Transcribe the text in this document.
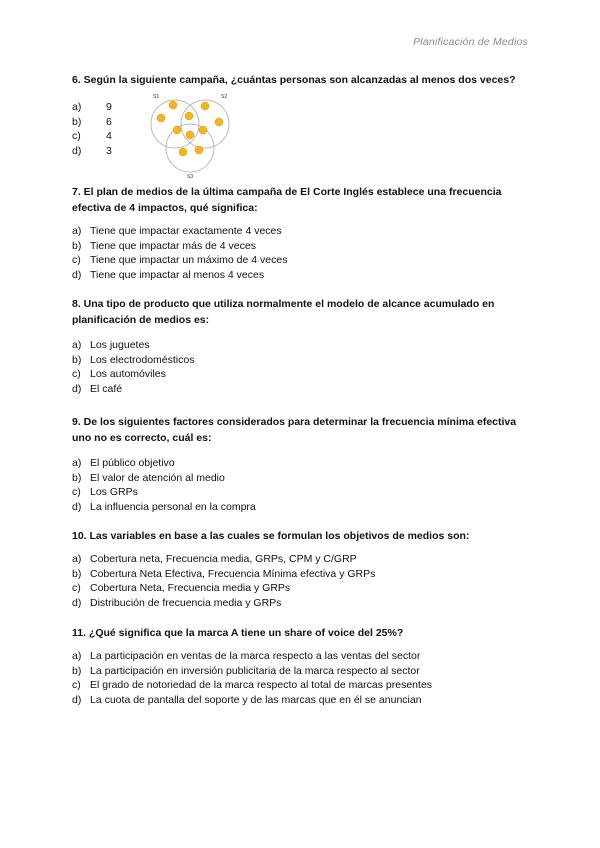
Planificación de Medios
6. Según la siguiente campaña, ¿cuántas personas son alcanzadas al menos dos veces?
a)	9
b)	6
c)	4
d)	3
S1	S2
S3
7. El plan de medios de la última campaña de El Corte Inglés establece una frecuencia efectiva de 4 impactos, qué significa:
a) Tiene que impactar exactamente 4 veces
b) Tiene que impactar más de 4 veces
c) Tiene que impactar un máximo de 4 veces
d) Tiene que impactar al menos 4 veces
8. Una tipo de producto que utiliza normalmente el modelo de alcance acumulado en planificación de medios es:
a) Los juguetes
b) Los electrodomésticos
c) Los automóviles
d) El café
9. De los siguientes factores considerados para determinar la frecuencia mínima efectiva uno no es correcto, cuál es:
a) El público objetivo
b) El valor de atención al medio
c) Los GRPs
d) La influencia personal en la compra
10. Las variables en base a las cuales se formulan los objetivos de medios son:
a) Cobertura neta, Frecuencia media, GRPs, CPM y C/GRP
b) Cobertura Neta Efectiva, Frecuencia Mínima efectiva y GRPs
c) Cobertura Neta, Frecuencia media y GRPs
d) Distribución de frecuencia media y GRPs
11. ¿Qué significa que la marca A tiene un share of voice del 25%?
a) La participación en ventas de la marca respecto a las ventas del sector
b) La participación en inversión publicitaria de la marca respecto al sector
c) El grado de notoriedad de la marca respecto al total de marcas presentes
d) La cuota de pantalla del soporte y de las marcas que en él se anuncian
